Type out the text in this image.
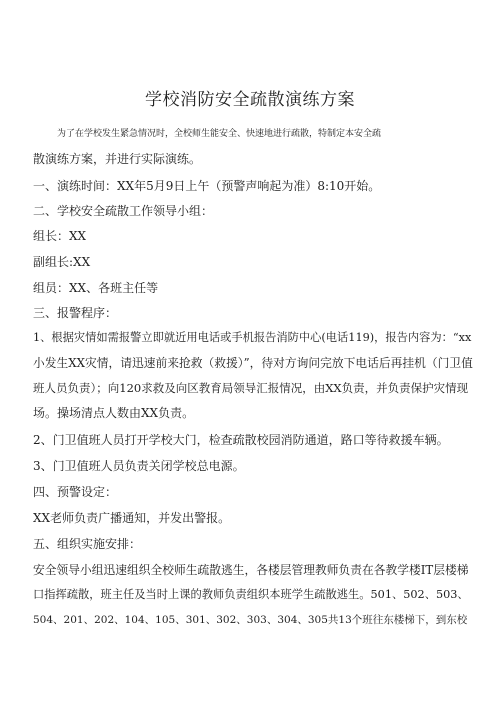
学校消防安全疏散演练方案
为了在学校发生紧急情况时，全校师生能安全、快速地进行疏散，特制定本安全疏
散演练方案，并进行实际演练。
一、演练时间：XX年5月9日上午（预警声响起为准）8:10开始。
二、学校安全疏散工作领导小组：
组长：XX
副组长:XX
组员：XX、各班主任等
三、报警程序：
1、根据灾情如需报警立即就近用电话或手机报告消防中心(电话119)，报告内容为：“xx
小发生XX灾情，请迅速前来抢救（救援）”，待对方询问完放下电话后再挂机（门卫值
班人员负责）；向120求救及向区教育局领导汇报情况，由XX负责，并负责保护灾情现
场。操场清点人数由XX负责。
2、门卫值班人员打开学校大门，检查疏散校园消防通道，路口等待救援车辆。
3、门卫值班人员负责关闭学校总电源。
四、预警设定：
XX老师负责广播通知，并发出警报。
五、组织实施安排：
安全领导小组迅速组织全校师生疏散逃生，各楼层管理教师负责在各教学楼IT层楼梯
口指挥疏散，班主任及当时上课的教师负责组织本班学生疏散逃生。501、502、503、
504、201、202、104、105、301、302、303、304、305共13个班往东楼梯下，到东校
